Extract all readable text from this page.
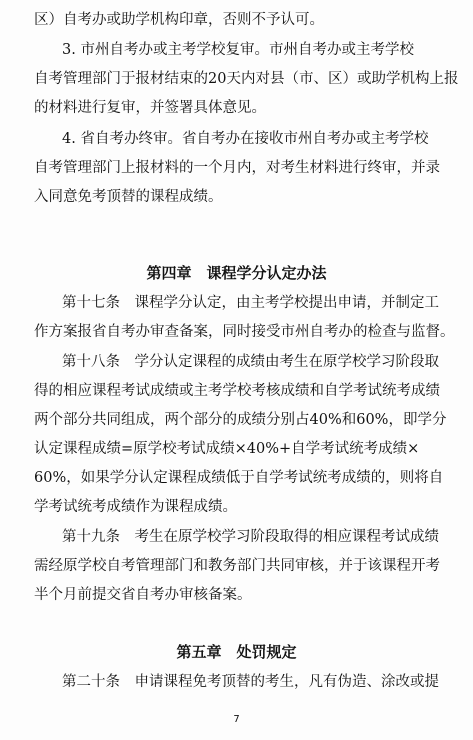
区）自考办或助学机构印章，否则不予认可。
3. 市州自考办或主考学校复审。市州自考办或主考学校
自考管理部门于报材结束的20天内对县（市、区）或助学机构上报
的材料进行复审，并签署具体意见。
4. 省自考办终审。省自考办在接收市州自考办或主考学校
自考管理部门上报材料的一个月内，对考生材料进行终审，并录
入同意免考顶替的课程成绩。
第四章　课程学分认定办法
第十七条　课程学分认定，由主考学校提出申请，并制定工
作方案报省自考办审查备案，同时接受市州自考办的检查与监督。
第十八条　学分认定课程的成绩由考生在原学校学习阶段取
得的相应课程考试成绩或主考学校考核成绩和自学考试统考成绩
两个部分共同组成，两个部分的成绩分别占40%和60%，即学分
认定课程成绩=原学校考试成绩×40%+自学考试统考成绩×
60%，如果学分认定课程成绩低于自学考试统考成绩的，则将自
学考试统考成绩作为课程成绩。
第十九条　考生在原学校学习阶段取得的相应课程考试成绩
需经原学校自考管理部门和教务部门共同审核，并于该课程开考
半个月前提交省自考办审核备案。
第五章　处罚规定
第二十条　申请课程免考顶替的考生，凡有伪造、涂改或提
7
